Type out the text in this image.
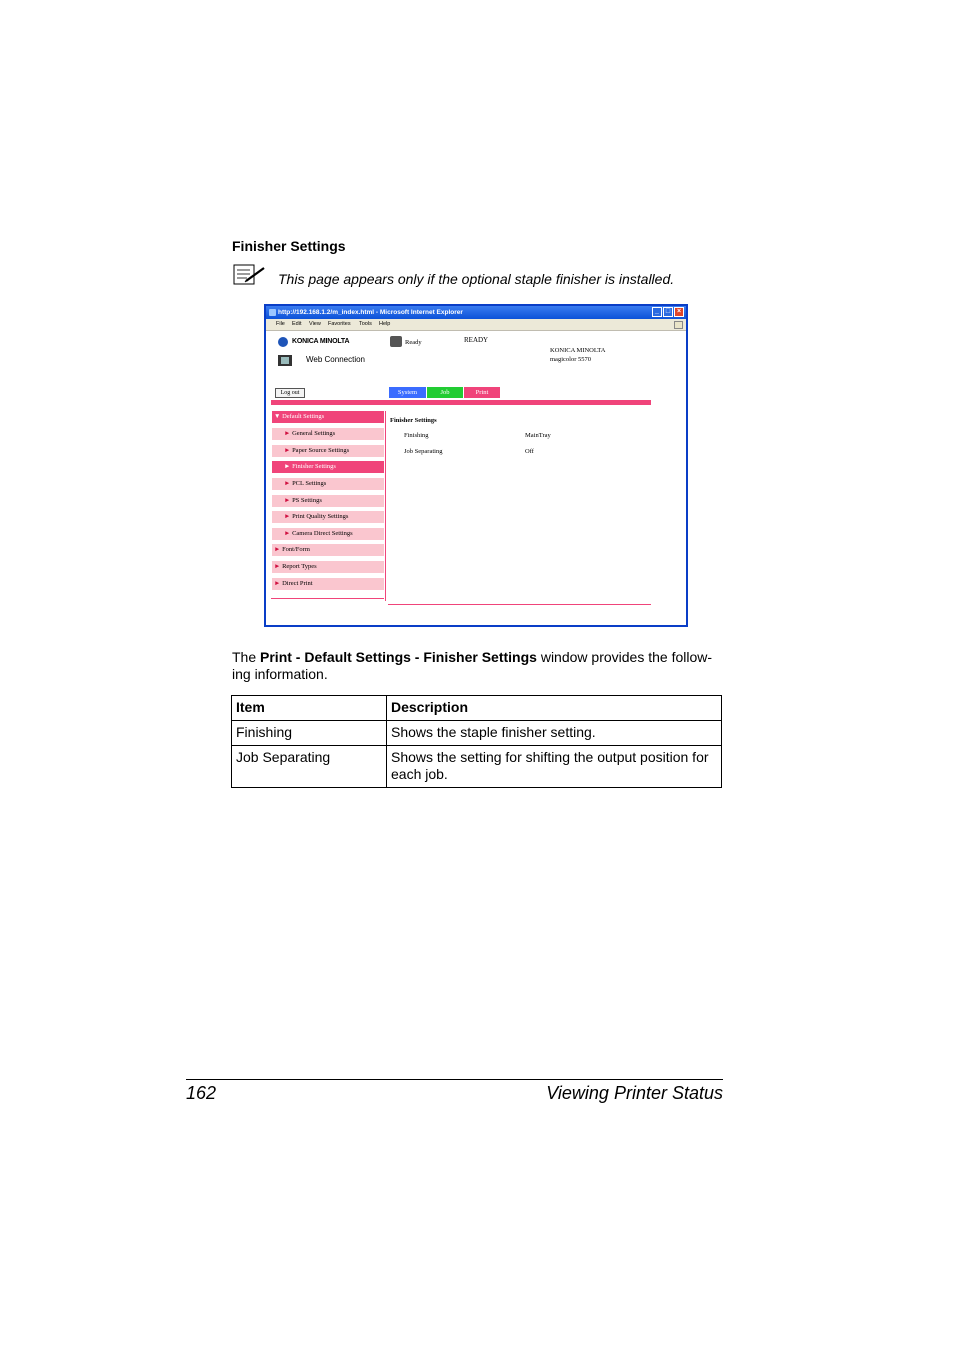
Finisher Settings
This page appears only if the optional staple finisher is installed.
http://192.168.1.2/m_index.html - Microsoft Internet Explorer	_ □ ×
File Edit View Favorites Tools Help
KONICA MINOLTA
Web Connection
Ready	READY
KONICA MINOLTA
magicolor 5570
Log out	System	Job	Print
▼ Default Settings
► General Settings
► Paper Source Settings
► Finisher Settings
► PCL Settings
► PS Settings
► Print Quality Settings
► Camera Direct Settings
► Font/Form
► Report Types
► Direct Print
Finisher Settings
Finishing	MainTray
Job Separating	Off
The Print - Default Settings - Finisher Settings window provides the follow-ing information.
Item	Description
Finishing	Shows the staple finisher setting.
Job Separating	Shows the setting for shifting the output position for each job.
162	Viewing Printer Status
